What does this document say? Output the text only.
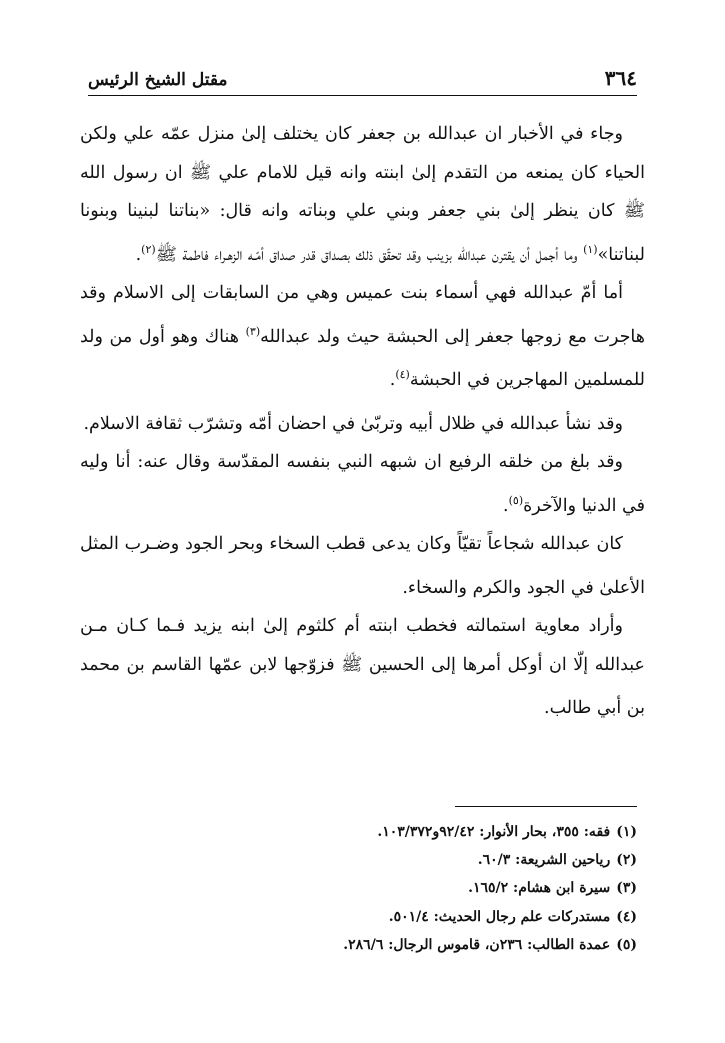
٣٦٤
مقتل الشيخ الرئيس

وجاء في الأخبار ان عبدالله بن جعفر كان يختلف إلىٰ منزل عمّه علي ولكن الحياء كان يمنعه من التقدم إلىٰ ابنته وانه قيل للامام علي ﷺ ان رسول الله ﷺ كان ينظر إلىٰ بني جعفر وبني علي وبناته وانه قال: «بناتنا لبنينا وبنونا لبناتنا»$^{(١)}$ وما أجمل أن يقترن عبدالله بزينب وقد تحقّق ذلك بصداق قدر صداق أمّـه الزهـراء فاطمة ﷺ$^{(٢)}$.

أما أمّ عبدالله فهي أسماء بنت عميس وهي من السابقات إلى الاسلام وقد هاجرت مع زوجها جعفر إلى الحبشة حيث ولد عبدالله$^{(٣)}$ هناك وهو أول من ولد للمسلمين المهاجرين في الحبشة$^{(٤)}$.

وقد نشأ عبدالله في ظلال أبيه وتربّىٰ في احضان أمّه وتشرّب ثقافة الاسلام.

وقد بلغ من خلقه الرفيع ان شبهه النبي بنفسه المقدّسة وقال عنه: أنا وليه في الدنيا والآخرة$^{(٥)}$.

كان عبدالله شجاعاً تقيّاً وكان يدعى قطب السخاء وبحر الجود وضـرب المثل الأعلىٰ في الجود والكرم والسخاء.

وأراد معاوية استمالته فخطب ابنته أم كلثوم إلىٰ ابنه يزيد فـما كـان مـن عبدالله إلّا ان أوكل أمرها إلى الحسين ﷺ فزوّجها لابن عمّها القاسم بن محمد بن أبي طالب.

(١)فقه: ٣٥٥، بحار الأنوار: ٩٢/٤٢و١٠٣/٣٧٢.

(٢)رياحين الشريعة: ٦٠/٣.

(٣)سيرة ابن هشام: ١٦٥/٢.

(٤)مستدركات علم رجال الحديث: ٥٠١/٤.

(٥)عمدة الطالب: ٢٣٦ن، قاموس الرجال: ٢٨٦/٦.
